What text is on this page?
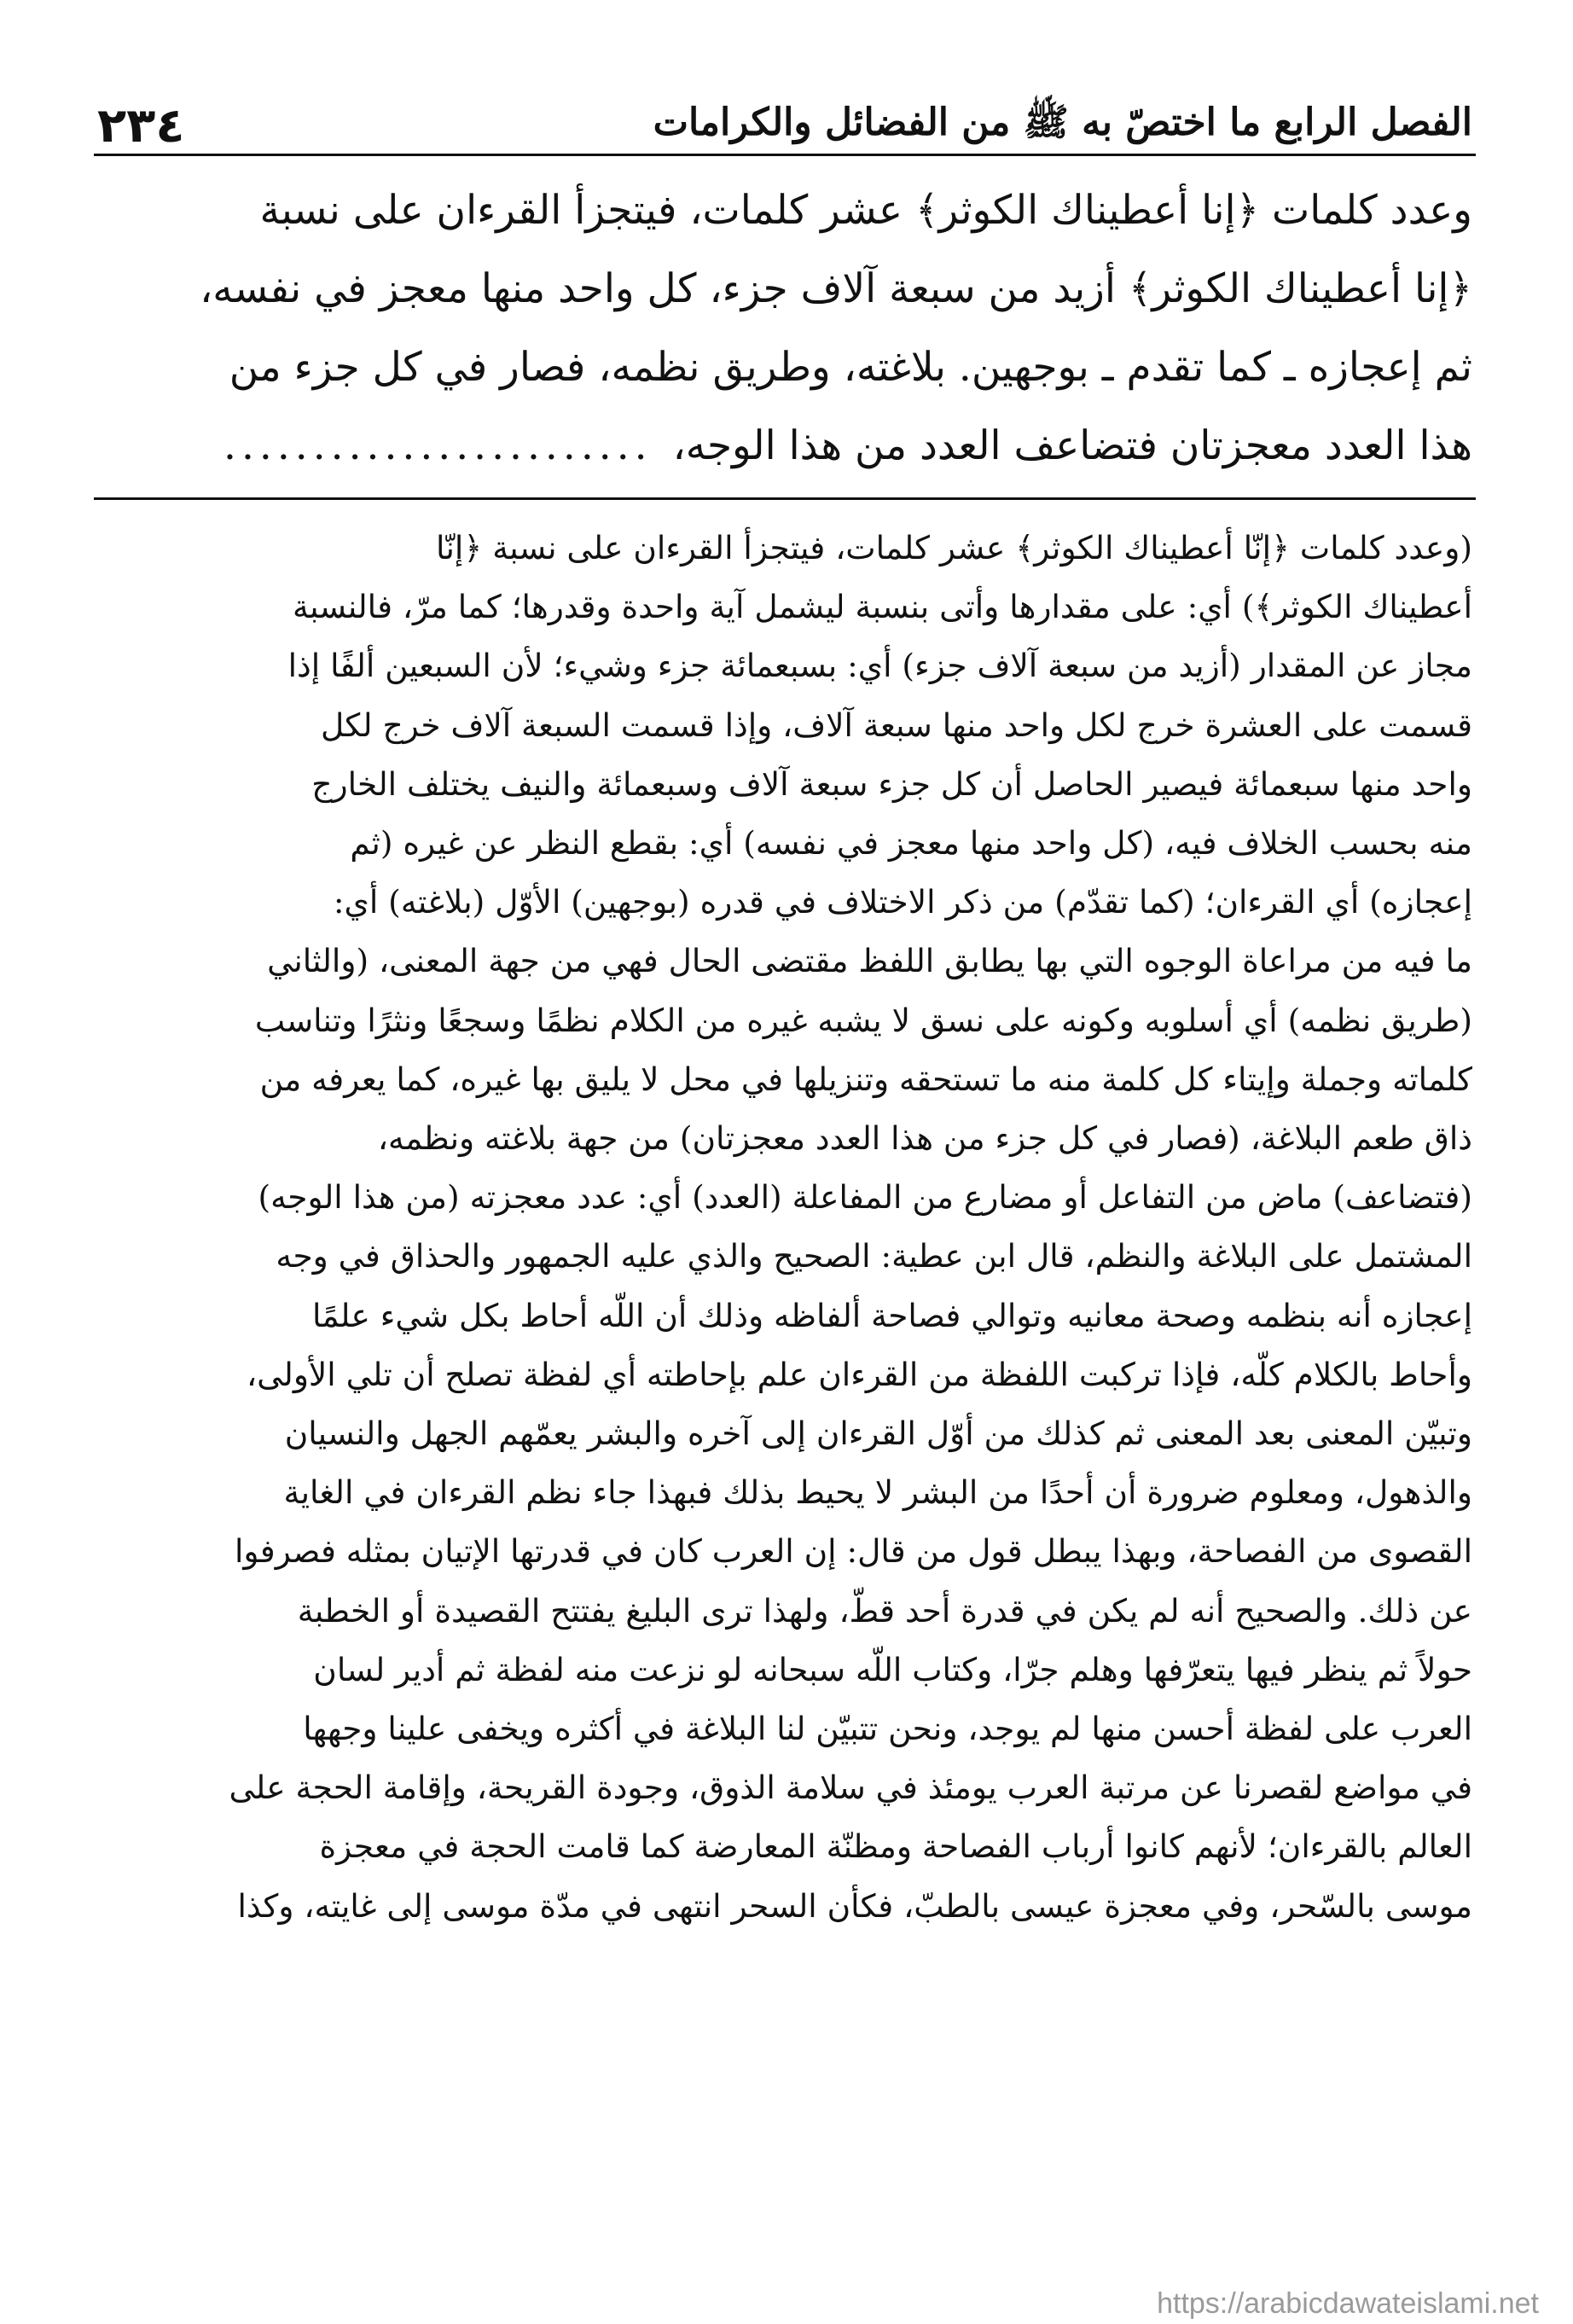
٢٣٤	الفصل الرابع ما اختصّ به ﷺ من الفضائل والكرامات

وعدد كلمات ﴿إنا أعطيناك الكوثر﴾ عشر كلمات، فيتجزأ القرءان على نسبة

﴿إنا أعطيناك الكوثر﴾ أزيد من سبعة آلاف جزء، كل واحد منها معجز في نفسه،

ثم إعجازه ـ كما تقدم ـ بوجهين. بلاغته، وطريق نظمه، فصار في كل جزء من

هذا العدد معجزتان فتضاعف العدد من هذا الوجه،........................

(وعدد كلمات ﴿إنّا أعطيناك الكوثر﴾ عشر كلمات، فيتجزأ القرءان على نسبة ﴿إنّا

أعطيناك الكوثر﴾) أي: على مقدارها وأتى بنسبة ليشمل آية واحدة وقدرها؛ كما مرّ، فالنسبة

مجاز عن المقدار (أزيد من سبعة آلاف جزء) أي: بسبعمائة جزء وشيء؛ لأن السبعين ألفًا إذا

قسمت على العشرة خرج لكل واحد منها سبعة آلاف، وإذا قسمت السبعة آلاف خرج لكل

واحد منها سبعمائة فيصير الحاصل أن كل جزء سبعة آلاف وسبعمائة والنيف يختلف الخارج

منه بحسب الخلاف فيه، (كل واحد منها معجز في نفسه) أي: بقطع النظر عن غيره (ثم

إعجازه) أي القرءان؛ (كما تقدّم) من ذكر الاختلاف في قدره (بوجهين) الأوّل (بلاغته) أي:

ما فيه من مراعاة الوجوه التي بها يطابق اللفظ مقتضى الحال فهي من جهة المعنى، (والثاني

(طريق نظمه) أي أسلوبه وكونه على نسق لا يشبه غيره من الكلام نظمًا وسجعًا ونثرًا وتناسب

كلماته وجملة وإيتاء كل كلمة منه ما تستحقه وتنزيلها في محل لا يليق بها غيره، كما يعرفه من

ذاق طعم البلاغة، (فصار في كل جزء من هذا العدد معجزتان) من جهة بلاغته ونظمه،

(فتضاعف) ماض من التفاعل أو مضارع من المفاعلة (العدد) أي: عدد معجزته (من هذا الوجه)

المشتمل على البلاغة والنظم، قال ابن عطية: الصحيح والذي عليه الجمهور والحذاق في وجه

إعجازه أنه بنظمه وصحة معانيه وتوالي فصاحة ألفاظه وذلك أن اللّه أحاط بكل شيء علمًا

وأحاط بالكلام كلّه، فإذا تركبت اللفظة من القرءان علم بإحاطته أي لفظة تصلح أن تلي الأولى،

وتبيّن المعنى بعد المعنى ثم كذلك من أوّل القرءان إلى آخره والبشر يعمّهم الجهل والنسيان

والذهول، ومعلوم ضرورة أن أحدًا من البشر لا يحيط بذلك فبهذا جاء نظم القرءان في الغاية

القصوى من الفصاحة، وبهذا يبطل قول من قال: إن العرب كان في قدرتها الإتيان بمثله فصرفوا

عن ذلك. والصحيح أنه لم يكن في قدرة أحد قطّ، ولهذا ترى البليغ يفتتح القصيدة أو الخطبة

حولاً ثم ينظر فيها يتعرّفها وهلم جرّا، وكتاب اللّه سبحانه لو نزعت منه لفظة ثم أدير لسان

العرب على لفظة أحسن منها لم يوجد، ونحن تتبيّن لنا البلاغة في أكثره ويخفى علينا وجهها

في مواضع لقصرنا عن مرتبة العرب يومئذ في سلامة الذوق، وجودة القريحة، وإقامة الحجة على

العالم بالقرءان؛ لأنهم كانوا أرباب الفصاحة ومظنّة المعارضة كما قامت الحجة في معجزة

موسى بالسّحر، وفي معجزة عيسى بالطبّ، فكأن السحر انتهى في مدّة موسى إلى غايته، وكذا

https://arabicdawateislami.net
